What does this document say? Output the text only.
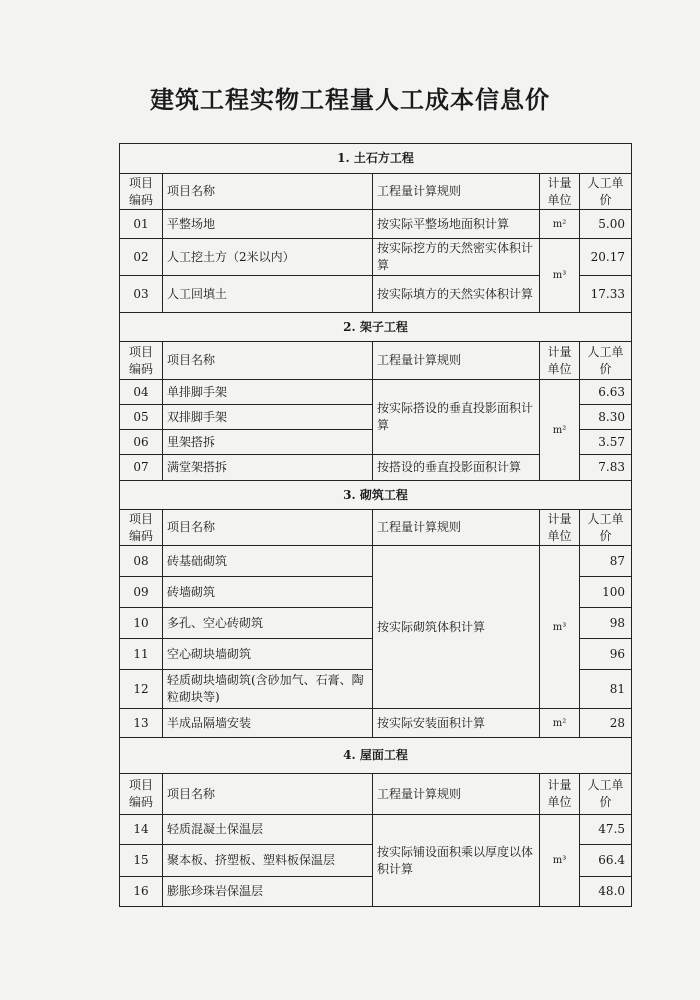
建筑工程实物工程量人工成本信息价
1. 土石方工程				
项目编码	项目名称	工程量计算规则	计量单位	人工单价
01	平整场地	按实际平整场地面积计算	m²	5.00
02	人工挖土方（2米以内）	按实际挖方的天然密实体积计算	m³	20.17
03	人工回填土	按实际填方的天然实体积计算		17.33
2. 架子工程				
项目编码	项目名称	工程量计算规则	计量单位	人工单价
04	单排脚手架	按实际搭设的垂直投影面积计算	m²	6.63
05	双排脚手架			8.30
06	里架搭拆			3.57
07	满堂架搭拆	按搭设的垂直投影面积计算		7.83
3. 砌筑工程				
项目编码	项目名称	工程量计算规则	计量单位	人工单价
08	砖基础砌筑	按实际砌筑体积计算	m³	87
09	砖墙砌筑			100
10	多孔、空心砖砌筑			98
11	空心砌块墙砌筑			96
12	轻质砌块墙砌筑(含砂加气、石膏、陶粒砌块等)			81
13	半成品隔墙安装	按实际安装面积计算	m²	28
4. 屋面工程				
项目编码	项目名称	工程量计算规则	计量单位	人工单价
14	轻质混凝土保温层	按实际铺设面积乘以厚度以体积计算	m³	47.5
15	聚本板、挤塑板、塑料板保温层			66.4
16	膨胀珍珠岩保温层			48.0
